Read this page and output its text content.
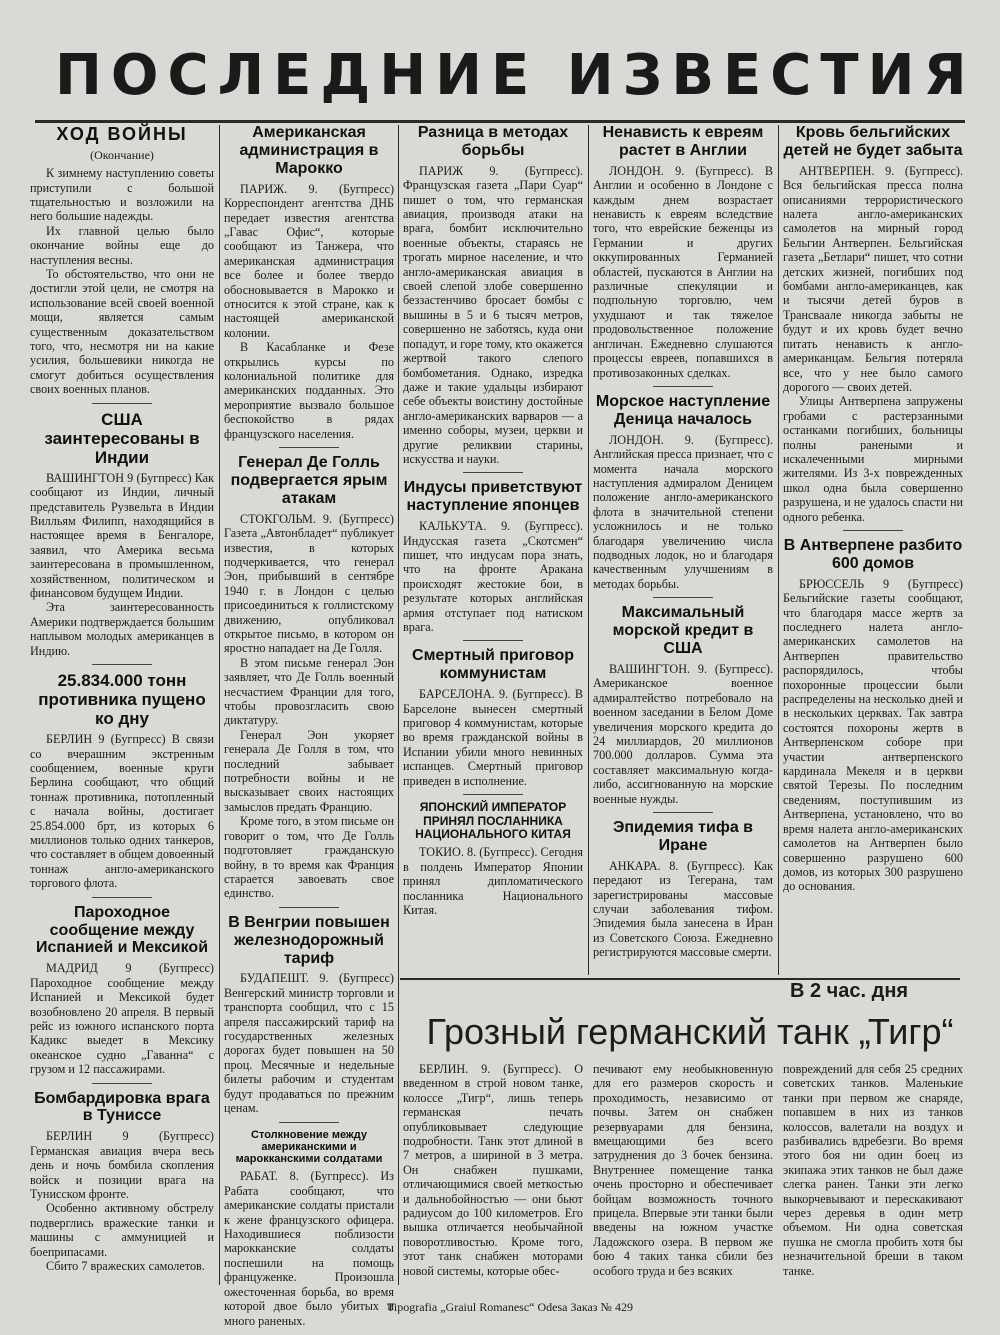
ПОСЛЕДНИЕ ИЗВЕСТИЯ
ХОД ВОЙНЫ
(Окончание)

К зимнему наступлению советы приступили с большой тщательностью и возложили на него большие надежды.

Их главной целью было окончание войны еще до наступления весны.

То обстоятельство, что они не достигли этой цели, не смотря на использование всей своей военной мощи, является самым существенным доказательством того, что, несмотря ни на какие усилия, большевики никогда не смогут добиться осуществления своих военных планов.

США заинтересованы в Индии

ВАШИНГТОН 9 (Бугпресс) Как сообщают из Индии, личный представитель Рузвельта в Индии Вилльям Филипп, находящийся в настоящее время в Бенгалоре, заявил, что Америка весьма заинтересована в промышленном, хозяйственном, политическом и финансовом будущем Индии.

Эта заинтересованность Америки подтверждается большим наплывом молодых американцев в Индию.

25.834.000 тонн противника пущено ко дну

БЕРЛИН 9 (Бугпресс) В связи со вчерашним экстренным сообщением, военные круги Берлина сообщают, что общий тоннаж противника, потопленный с начала войны, достигает 25.854.000 брт, из которых 6 миллионов только одних танкеров, что составляет в общем довоенный тоннаж англо-американского торгового флота.

Пароходное сообщение между Испанией и Мексикой

МАДРИД 9 (Бугпресс) Пароходное сообщение между Испанией и Мексикой будет возобновлено 20 апреля. В первый рейс из южного испанского порта Кадикс выедет в Мексику океанское судно „Гаванна“ с грузом и 12 пассажирами.

Бомбардировка врага в Туниссе

БЕРЛИН 9 (Бугпресс) Германская авиация вчера весь день и ночь бомбила скопления войск и позиции врага на Тунисском фронте.

Особенно активному обстрелу подверглись вражеские танки и машины с аммуницией и боеприпасами.

Сбито 7 вражеских самолетов.

Американская администрация в Марокко

ПАРИЖ. 9. (Бугпресс) Корреспондент агентства ДНБ передает известия агентства „Гавас Офис“, которые сообщают из Танжера, что американская администрация все более и более твердо обосновывается в Марокко и относится к этой стране, как к настоящей американской колонии.

В Касабланке и Фезе открылись курсы по колониальной политике для американских подданных. Это мероприятие вызвало большое беспокойство в рядах французского населения.

Генерал Де Голль подвергается ярым атакам

СТОКГОЛЬМ. 9. (Бугпресс) Газета „Автонбладет“ публикует известия, в которых подчеркивается, что генерал Эон, прибывший в сентябре 1940 г. в Лондон с целью присоединиться к голлистскому движению, опубликовал открытое письмо, в котором он яростно нападает на Де Голля.

В этом письме генерал Эон заявляет, что Де Голль военный несчастием Франции для того, чтобы провозгласить свою диктатуру.

Генерал Эон укоряет генерала Де Голля в том, что последний забывает потребности войны и не высказывает своих настоящих замыслов предать Францию.

Кроме того, в этом письме он говорит о том, что Де Голль подготовляет гражданскую войну, в то время как Франция старается завоевать свое единство.

В Венгрии повышен железнодорожный тариф

БУДАПЕШТ. 9. (Бугпресс) Венгерский министр торговли и транспорта сообщил, что с 15 апреля пассажирский тариф на государственных железных дорогах будет повышен на 50 проц. Месячные и недельные билеты рабочим и студентам будут продаваться по прежним ценам.

Столкновение между американскими и марокканскими солдатами

РАБАТ. 8. (Бугпресс). Из Рабата сообщают, что американские солдаты пристали к жене французского офицера. Находившиеся поблизости марокканские солдаты поспешили на помощь француженке. Произошла ожесточенная борьба, во время которой двое было убитых и много раненых.

Разница в методах борьбы

ПАРИЖ 9. (Бугпресс). Французская газета „Пари Суар“ пишет о том, что германская авиация, производя атаки на врага, бомбит исключительно военные объекты, стараясь не трогать мирное население, и что англо-американская авиация в своей слепой злобе совершенно беззастенчиво бросает бомбы с вышины в 5 и 6 тысяч метров, совершенно не заботясь, куда они попадут, и горе тому, кто окажется жертвой такого слепого бомбометания. Однако, изредка даже и такие удальцы избирают себе объекты воистину достойные англо-американских варваров — а именно соборы, музеи, церкви и другие реликвии старины, искусства и науки.

Индусы приветствуют наступление японцев

КАЛЬКУТА. 9. (Бугпресс). Индусская газета „Скотсмен“ пишет, что индусам пора знать, что на фронте Аракана происходят жестокие бои, в результате которых английская армия отступает под натиском врага.

Смертный приговор коммунистам

БАРСЕЛОНА. 9. (Бугпресс). В Барселоне вынесен смертный приговор 4 коммунистам, которые во время гражданской войны в Испании убили много невинных испанцев. Смертный приговор приведен в исполнение.

ЯПОНСКИЙ ИМПЕРАТОР ПРИНЯЛ ПОСЛАННИКА НАЦИОНАЛЬНОГО КИТАЯ

ТОКИО. 8. (Бугпресс). Сегодня в полдень Император Японии принял дипломатического посланника Национального Китая.

Ненависть к евреям растет в Англии

ЛОНДОН. 9. (Бугпресс). В Англии и особенно в Лондоне с каждым днем возрастает ненависть к евреям вследствие того, что еврейские беженцы из Германии и других оккупированных Германией областей, пускаются в Англии на различные спекуляции и подпольную торговлю, чем ухудшают и так тяжелое продовольственное положение англичан. Ежедневно слушаются процессы евреев, попавшихся в противозаконных сделках.

Морское наступление Деница началось

ЛОНДОН. 9. (Бугпресс). Английская пресса признает, что с момента начала морского наступления адмиралом Деницем положение англо-американского флота в значительной степени усложнилось и не только благодаря увеличению числа подводных лодок, но и благодаря качественным улучшениям в методах борьбы.

Максимальный морской кредит в США

ВАШИНГТОН. 9. (Бугпресс). Американское военное адмиралтейство потребовало на военном заседании в Белом Доме увеличения морского кредита до 24 миллиардов, 20 миллионов 700.000 долларов. Сумма эта составляет максимальную когда-либо, ассигнованную на морские военные нужды.

Эпидемия тифа в Иране

АНКАРА. 8. (Бугпресс). Как передают из Тегерана, там зарегистрированы массовые случаи заболевания тифом. Эпидемия была занесена в Иран из Советского Союза. Ежедневно регистрируются массовые смерти.

Кровь бельгийских детей не будет забыта

АНТВЕРПЕН. 9. (Бугпресс). Вся бельгийская пресса полна описаниями террористического налета англо-американских самолетов на мирный город Бельгии Антверпен. Бельгийская газета „Бетлари“ пишет, что сотни детских жизней, погибших под бомбами англо-американцев, как и тысячи детей буров в Трансваале никогда забыты не будут и их кровь будет вечно питать ненависть к англо-американцам. Бельгия потеряла все, что у нее было самого дорогого — своих детей.

Улицы Антверпена запружены гробами с растерзанными останками погибших, больницы полны ранеными и искалеченными мирными жителями. Из 3-х поврежденных школ одна была совершенно разрушена, и не удалось спасти ни одного ребенка.

В Антверпене разбито 600 домов

БРЮССЕЛЬ 9 (Бугпресс) Бельгийские газеты сообщают, что благодаря массе жертв за последнего налета англо-американских самолетов на Антверпен правительство распорядилось, чтобы похоронные процессии были распределены на несколько дней и в нескольких церквах. Так завтра состоятся похороны жертв в Антверпенском соборе при участии антверпенского кардинала Мекеля и в церкви святой Терезы. По последним сведениям, поступившим из Антверпена, установлено, что во время налета англо-американских самолетов на Антверпен было совершенно разрушено 600 домов, из которых 300 разрушено до основания.

В 2 час. дня
Грозный германский танк „Тигр“
БЕРЛИН. 9. (Бугпресс). О введенном в строй новом танке, колоссе „Тигр“, лишь теперь германская печать опубликовывает следующие подробности. Танк этот длиной в 7 метров, а шириной в 3 метра. Он снабжен пушками, отличающимися своей меткостью и дальнобойностью — они бьют радиусом до 100 километров. Его вышка отличается необычайной поворотливостью. Кроме того, этот танк снабжен моторами новой системы, которые обес-
печивают ему необыкновенную для его размеров скорость и проходимость, независимо от почвы. Затем он снабжен резервуарами для бензина, вмещающими без всего затруднения до 3 бочек бензина. Внутреннее помещение танка очень просторно и обеспечивает бойцам возможность точного прицела. Впервые эти танки были введены на южном участке Ладожского озера. В первом же бою 4 таких танка сбили без особого труда и без всяких
повреждений для себя 25 средних советских танков. Маленькие танки при первом же снаряде, попавшем в них из танков колоссов, валетали на воздух и разбивались вдребезги. Во время этого боя ни один боец из экипажа этих танков не был даже слегка ранен. Танки эти легко выкорчевывают и перескакивают через деревья в один метр объемом. Ни одна советская пушка не смогла пробить хотя бы незначительной бреши в таком танке.
Tipografia „Graiul Romanesc“ Odesa Заказ № 429
